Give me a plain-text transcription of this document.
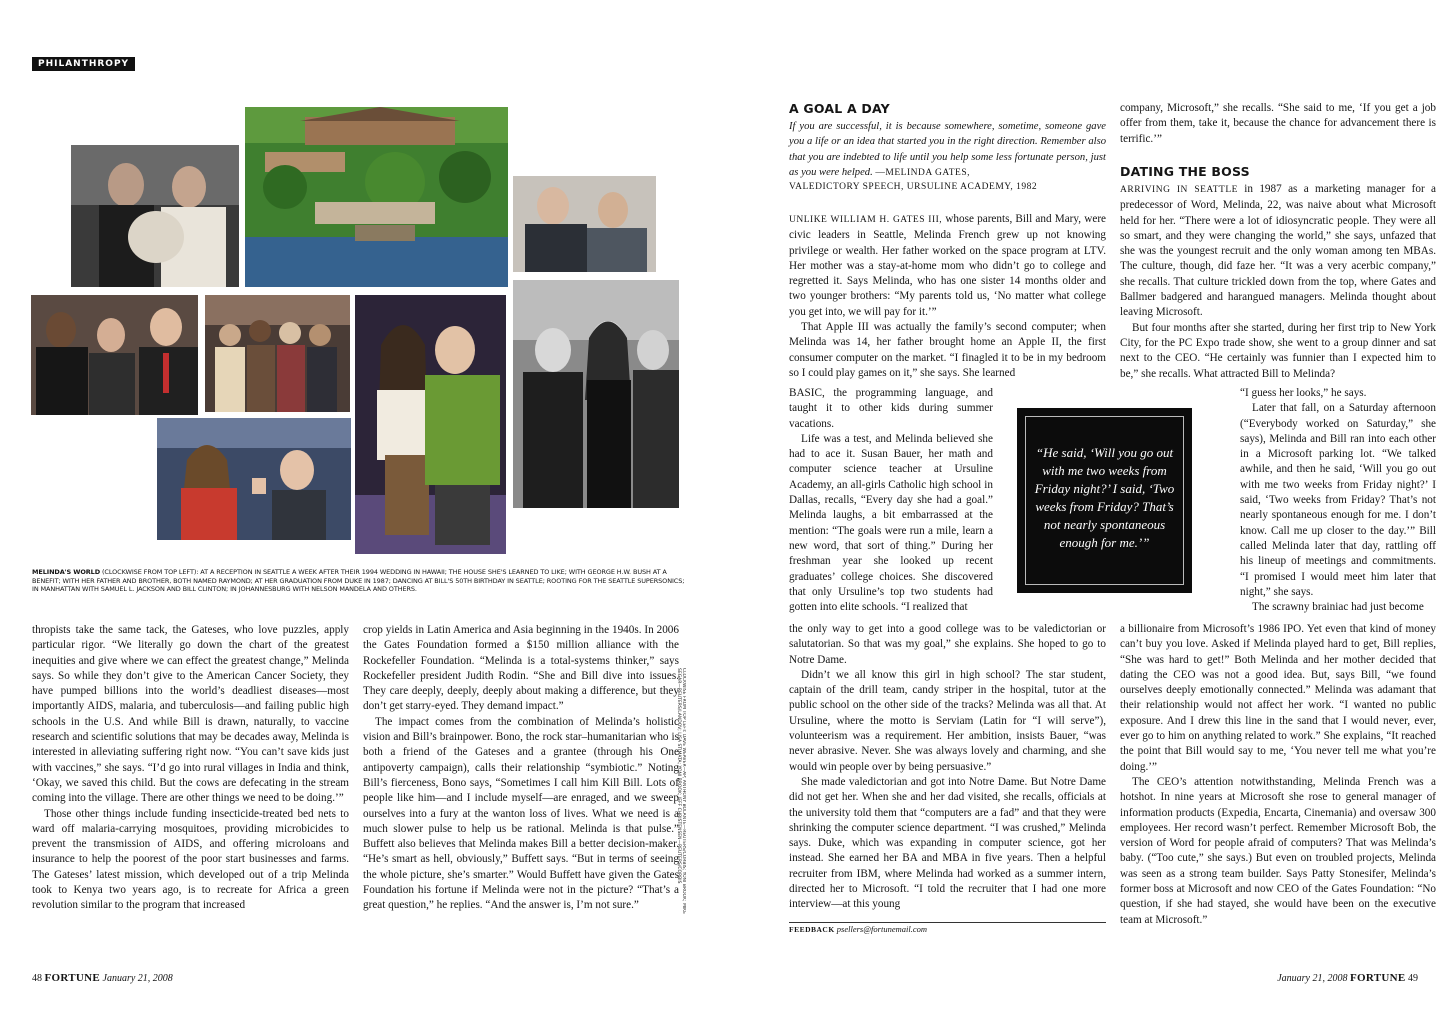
PHILANTHROPY
MELINDA'S WORLD (CLOCKWISE FROM TOP LEFT): AT A RECEPTION IN SEATTLE A WEEK AFTER THEIR 1994 WEDDING IN HAWAII; THE HOUSE SHE'S LEARNED TO LIKE; WITH GEORGE H.W. BUSH AT A BENEFIT; WITH HER FATHER AND BROTHER, BOTH NAMED RAYMOND; AT HER GRADUATION FROM DUKE IN 1987; DANCING AT BILL'S 50TH BIRTHDAY IN SEATTLE; ROOTING FOR THE SEATTLE SUPERSONICS; IN MANHATTAN WITH SAMUEL L. JACKSON AND BILL CLINTON; IN JOHANNESBURG WITH NELSON MANDELA AND OTHERS.
CLOCKWISE FROM TOP LEFT: DAVE WEAVER—AP; ANTHONY BOLANTE—REUTERS/CORBIS; YONI BROOK; MIKE SEGAR—REUTERS/LANDOV; LISA STIMATA; YONI BROOK; JEFF CHRISTENSEN—REUTERS/CORBIS

thropists take the same tack, the Gateses, who love puzzles, apply particular rigor. “We literally go down the chart of the greatest inequities and give where we can effect the greatest change,” Melinda says. So while they don’t give to the American Cancer Society, they have pumped billions into the world’s deadliest diseases—most importantly AIDS, malaria, and tuberculosis—and failing public high schools in the U.S. And while Bill is drawn, naturally, to vaccine research and scientific solutions that may be decades away, Melinda is interested in alleviating suffering right now. “You can’t save kids just with vaccines,” she says. “I’d go into rural villages in India and think, ‘Okay, we saved this child. But the cows are defecating in the stream coming into the village. There are other things we need to be doing.’”

Those other things include funding insecticide-treated bed nets to ward off malaria-carrying mosquitoes, providing microbicides to prevent the transmission of AIDS, and offering microloans and insurance to help the poorest of the poor start businesses and farms. The Gateses’ latest mission, which developed out of a trip Melinda took to Kenya two years ago, is to recreate for Africa a green revolution similar to the program that increased

crop yields in Latin America and Asia beginning in the 1940s. In 2006 the Gates Foundation formed a $150 million alliance with the Rockefeller Foundation. “Melinda is a total-systems thinker,” says Rockefeller president Judith Rodin. “She and Bill dive into issues. They care deeply, deeply, deeply about making a difference, but they don’t get starry-eyed. They demand impact.”

The impact comes from the combination of Melinda’s holistic vision and Bill’s brainpower. Bono, the rock star–humanitarian who is both a friend of the Gateses and a grantee (through his One antipoverty campaign), calls their relationship “symbiotic.” Noting Bill’s fierceness, Bono says, “Sometimes I call him Kill Bill. Lots of people like him—and I include myself—are enraged, and we sweep ourselves into a fury at the wanton loss of lives. What we need is a much slower pulse to help us be rational. Melinda is that pulse.” Buffett also believes that Melinda makes Bill a better decision-maker. “He’s smart as hell, obviously,” Buffett says. “But in terms of seeing the whole picture, she’s smarter.” Would Buffett have given the Gates Foundation his fortune if Melinda were not in the picture? “That’s a great question,” he replies. “And the answer is, I’m not sure.”

48 FORTUNE January 21, 2008
A GOAL A DAY
If you are successful, it is because somewhere, sometime, someone gave you a life or an idea that started you in the right direction. Remember also that you are indebted to life until you help some less fortunate person, just as you were helped. —MELINDA GATES,
VALEDICTORY SPEECH, URSULINE ACADEMY, 1982

UNLIKE WILLIAM H. GATES III, whose parents, Bill and Mary, were civic leaders in Seattle, Melinda French grew up not knowing privilege or wealth. Her father worked on the space program at LTV. Her mother was a stay-at-home mom who didn’t go to college and regretted it. Says Melinda, who has one sister 14 months older and two younger brothers: “My parents told us, ‘No matter what college you get into, we will pay for it.’”

That Apple III was actually the family’s second computer; when Melinda was 14, her father brought home an Apple II, the first consumer computer on the market. “I finagled it to be in my bedroom so I could play games on it,” she says. She learned

BASIC, the programming language, and taught it to other kids during summer vacations.

Life was a test, and Melinda believed she had to ace it. Susan Bauer, her math and computer science teacher at Ursuline Academy, an all-girls Catholic high school in Dallas, recalls, “Every day she had a goal.” Melinda laughs, a bit embarrassed at the mention: “The goals were run a mile, learn a new word, that sort of thing.” During her freshman year she looked up recent graduates’ college choices. She discovered that only Ursuline’s top two students had gotten into elite schools. “I realized that

the only way to get into a good college was to be valedictorian or salutatorian. So that was my goal,” she explains. She hoped to go to Notre Dame.

Didn’t we all know this girl in high school? The star student, captain of the drill team, candy striper in the hospital, tutor at the public school on the other side of the tracks? Melinda was all that. At Ursuline, where the motto is Serviam (Latin for “I will serve”), volunteerism was a requirement. Her ambition, insists Bauer, “was never abrasive. Never. She was always lovely and charming, and she would win people over by being persuasive.”

She made valedictorian and got into Notre Dame. But Notre Dame did not get her. When she and her dad visited, she recalls, officials at the university told them that “computers are a fad” and that they were shrinking the computer science department. “I was crushed,” Melinda says. Duke, which was expanding in computer science, got her instead. She earned her BA and MBA in five years. Then a helpful recruiter from IBM, where Melinda had worked as a summer intern, directed her to Microsoft. “I told the recruiter that I had one more interview—at this young

FEEDBACK psellers@fortunemail.com

company, Microsoft,” she recalls. “She said to me, ‘If you get a job offer from them, take it, because the chance for advancement there is terrific.’”

DATING THE BOSS

ARRIVING IN SEATTLE in 1987 as a marketing manager for a predecessor of Word, Melinda, 22, was naive about what Microsoft held for her. “There were a lot of idiosyncratic people. They were all so smart, and they were changing the world,” she says, unfazed that she was the youngest recruit and the only woman among ten MBAs. The culture, though, did faze her. “It was a very acerbic company,” she recalls. That culture trickled down from the top, where Gates and Ballmer badgered and harangued managers. Melinda thought about leaving Microsoft.

But four months after she started, during her first trip to New York City, for the PC Expo trade show, she went to a group dinner and sat next to the CEO. “He certainly was funnier than I expected him to be,” she recalls. What attracted Bill to Melinda?

“I guess her looks,” he says.

Later that fall, on a Saturday afternoon (“Everybody worked on Saturday,” she says), Melinda and Bill ran into each other in a Microsoft parking lot. “We talked awhile, and then he said, ‘Will you go out with me two weeks from Friday night?’ I said, ‘Two weeks from Friday? That’s not nearly spontaneous enough for me. I don’t know. Call me up closer to the day.’” Bill called Melinda later that day, rattling off his lineup of meetings and commitments. “I promised I would meet him later that night,” she says.

The scrawny brainiac had just become

a billionaire from Microsoft’s 1986 IPO. Yet even that kind of money can’t buy you love. Asked if Melinda played hard to get, Bill replies, “She was hard to get!” Both Melinda and her mother decided that dating the CEO was not a good idea. But, says Bill, “we found ourselves deeply emotionally connected.” Melinda was adamant that their relationship would not affect her work. “I wanted no public exposure. And I drew this line in the sand that I would never, ever, ever go to him on anything related to work.” She explains, “It reached the point that Bill would say to me, ‘You never tell me what you’re doing.’”

The CEO’s attention notwithstanding, Melinda French was a hotshot. In nine years at Microsoft she rose to general manager of information products (Expedia, Encarta, Cinemania) and oversaw 300 employees. Her record wasn’t perfect. Remember Microsoft Bob, the version of Word for people afraid of computers? That was Melinda’s baby. (“Too cute,” she says.) But even on troubled projects, Melinda was seen as a strong team builder. Says Patty Stonesifer, Melinda’s former boss at Microsoft and now CEO of the Gates Foundation: “No question, if she had stayed, she would have been on the executive team at Microsoft.”

January 21, 2008 FORTUNE 49
“He said, ‘Will you go out with me two weeks from Friday night?’ I said, ‘Two weeks from Friday? That’s not nearly spontaneous enough for me.’”
